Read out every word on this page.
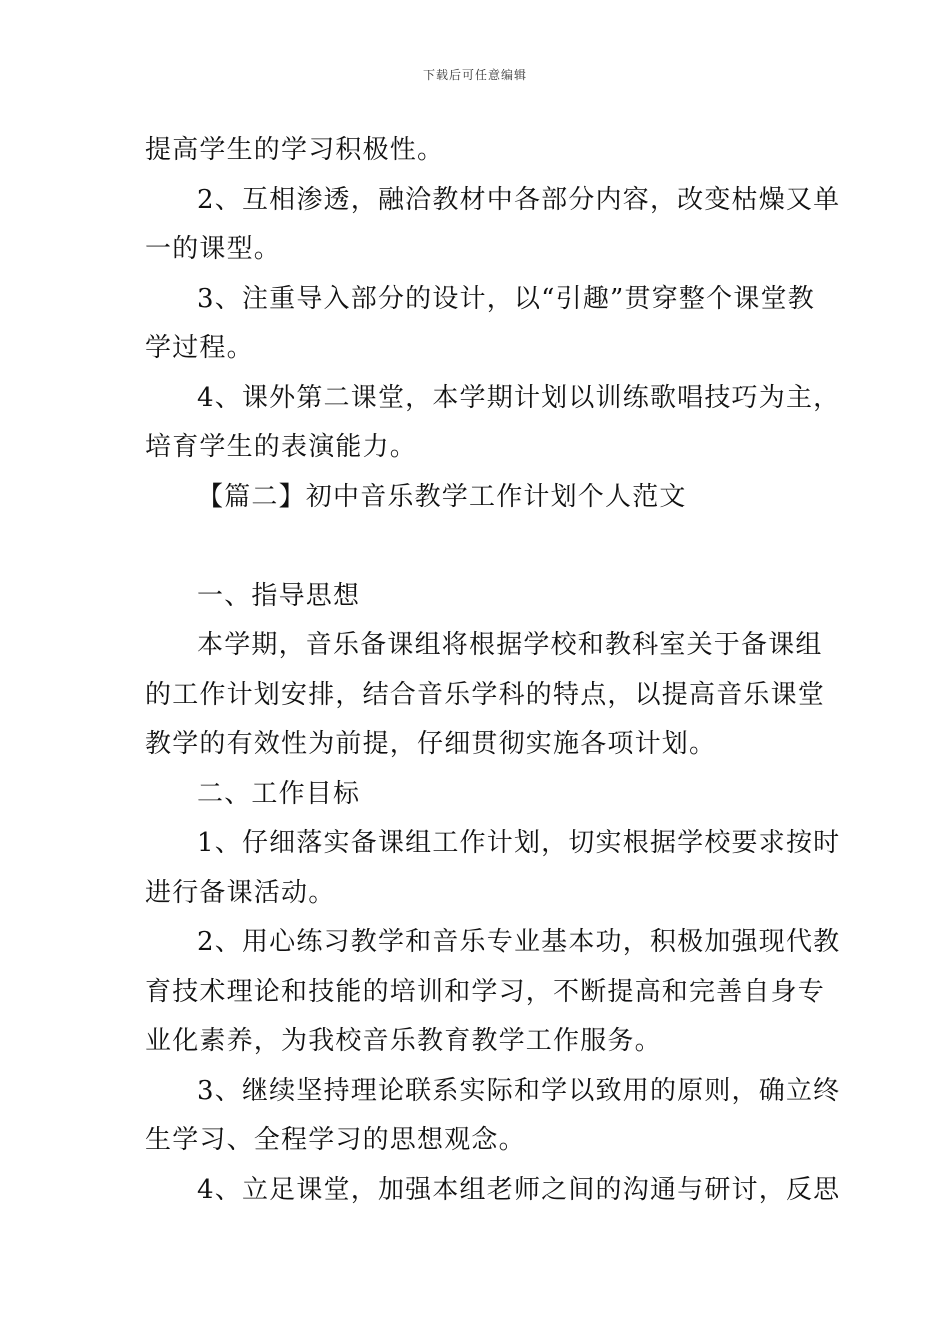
下载后可任意编辑
提高学生的学习积极性。
2、互相渗透，融洽教材中各部分内容，改变枯燥又单
一的课型。
3、注重导入部分的设计，以“引趣”贯穿整个课堂教
学过程。
4、课外第二课堂，本学期计划以训练歌唱技巧为主，
培育学生的表演能力。
【篇二】初中音乐教学工作计划个人范文
一、指导思想
本学期，音乐备课组将根据学校和教科室关于备课组
的工作计划安排，结合音乐学科的特点，以提高音乐课堂
教学的有效性为前提，仔细贯彻实施各项计划。
二、工作目标
1、仔细落实备课组工作计划，切实根据学校要求按时
进行备课活动。
2、用心练习教学和音乐专业基本功，积极加强现代教
育技术理论和技能的培训和学习，不断提高和完善自身专
业化素养，为我校音乐教育教学工作服务。
3、继续坚持理论联系实际和学以致用的原则，确立终
生学习、全程学习的思想观念。
4、立足课堂，加强本组老师之间的沟通与研讨，反思
